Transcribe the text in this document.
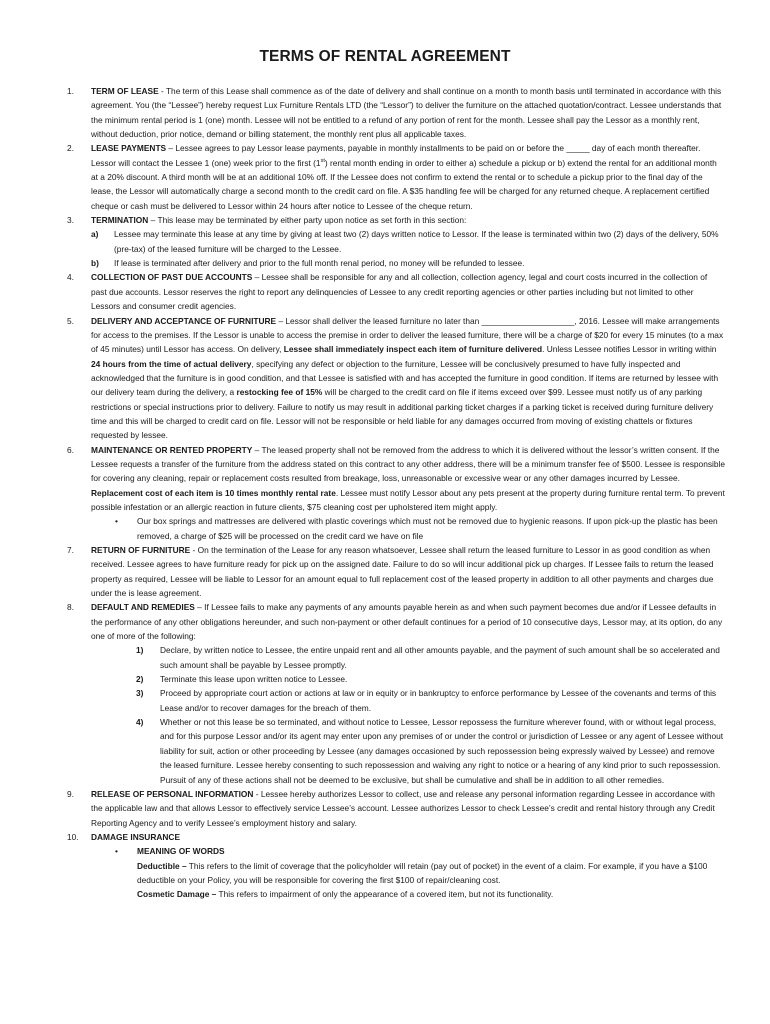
TERMS OF RENTAL AGREEMENT
1. TERM OF LEASE - The term of this Lease shall commence as of the date of delivery and shall continue on a month to month basis until terminated in accordance with this agreement. You (the “Lessee”) hereby request Lux Furniture Rentals LTD (the “Lessor”) to deliver the furniture on the attached quotation/contract. Lessee understands that the minimum rental period is 1 (one) month. Lessee will not be entitled to a refund of any portion of rent for the month. Lessee shall pay the Lessor as a monthly rent, without deduction, prior notice, demand or billing statement, the monthly rent plus all applicable taxes.
2. LEASE PAYMENTS – Lessee agrees to pay Lessor lease payments, payable in monthly installments to be paid on or before the _____ day of each month thereafter. Lessor will contact the Lessee 1 (one) week prior to the first (1st) rental month ending in order to either a) schedule a pickup or b) extend the rental for an additional month at a 20% discount. A third month will be at an additional 10% off. If the Lessee does not confirm to extend the rental or to schedule a pickup prior to the final day of the lease, the Lessor will automatically charge a second month to the credit card on file. A $35 handling fee will be charged for any returned cheque. A replacement certified cheque or cash must be delivered to Lessor within 24 hours after notice to Lessee of the cheque return.
3. TERMINATION – This lease may be terminated by either party upon notice as set forth in this section:
a) Lessee may terminate this lease at any time by giving at least two (2) days written notice to Lessor. If the lease is terminated within two (2) days of the delivery, 50% (pre-tax) of the leased furniture will be charged to the Lessee.
b) If lease is terminated after delivery and prior to the full month renal period, no money will be refunded to lessee.
4. COLLECTION OF PAST DUE ACCOUNTS – Lessee shall be responsible for any and all collection, collection agency, legal and court costs incurred in the collection of past due accounts. Lessor reserves the right to report any delinquencies of Lessee to any credit reporting agencies or other parties including but not limited to other Lessors and consumer credit agencies.
5. DELIVERY AND ACCEPTANCE OF FURNITURE – Lessor shall deliver the leased furniture no later than ____________________, 2016. Lessee will make arrangements for access to the premises. If the Lessor is unable to access the premise in order to deliver the leased furniture, there will be a charge of $20 for every 15 minutes (to a max of 45 minutes) until Lessor has access. On delivery, Lessee shall immediately inspect each item of furniture delivered. Unless Lessee notifies Lessor in writing within 24 hours from the time of actual delivery, specifying any defect or objection to the furniture, Lessee will be conclusively presumed to have fully inspected and acknowledged that the furniture is in good condition, and that Lessee is satisfied with and has accepted the furniture in good condition. If items are returned by lessee with our delivery team during the delivery, a restocking fee of 15% will be charged to the credit card on file if items exceed over $99. Lessee must notify us of any parking restrictions or special instructions prior to delivery. Failure to notify us may result in additional parking ticket charges if a parking ticket is received during furniture delivery time and this will be charged to credit card on file. Lessor will not be responsible or held liable for any damages occurred from moving of existing chattels or fixtures requested by lessee.
6. MAINTENANCE OR RENTED PROPERTY – The leased property shall not be removed from the address to which it is delivered without the lessor’s written consent. If the Lessee requests a transfer of the furniture from the address stated on this contract to any other address, there will be a minimum transfer fee of $500. Lessee is responsible for covering any cleaning, repair or replacement costs resulted from breakage, loss, unreasonable or excessive wear or any other damages incurred by Lessee. Replacement cost of each item is 10 times monthly rental rate. Lessee must notify Lessor about any pets present at the property during furniture rental term. To prevent possible infestation or an allergic reaction in future clients, $75 cleaning cost per upholstered item might apply.
• Our box springs and mattresses are delivered with plastic coverings which must not be removed due to hygienic reasons. If upon pick-up the plastic has been removed, a charge of $25 will be processed on the credit card we have on file
7. RETURN OF FURNITURE - On the termination of the Lease for any reason whatsoever, Lessee shall return the leased furniture to Lessor in as good condition as when received. Lessee agrees to have furniture ready for pick up on the assigned date. Failure to do so will incur additional pick up charges. If Lessee fails to return the leased property as required, Lessee will be liable to Lessor for an amount equal to full replacement cost of the leased property in addition to all other payments and charges due under the is lease agreement.
8. DEFAULT AND REMEDIES – If Lessee fails to make any payments of any amounts payable herein as and when such payment becomes due and/or if Lessee defaults in the performance of any other obligations hereunder, and such non-payment or other default continues for a period of 10 consecutive days, Lessor may, at its option, do any one of more of the following:
1) Declare, by written notice to Lessee, the entire unpaid rent and all other amounts payable, and the payment of such amount shall be so accelerated and such amount shall be payable by Lessee promptly.
2) Terminate this lease upon written notice to Lessee.
3) Proceed by appropriate court action or actions at law or in equity or in bankruptcy to enforce performance by Lessee of the covenants and terms of this Lease and/or to recover damages for the breach of them.
4) Whether or not this lease be so terminated, and without notice to Lessee, Lessor repossess the furniture wherever found, with or without legal process, and for this purpose Lessor and/or its agent may enter upon any premises of or under the control or jurisdiction of Lessee or any agent of Lessee without liability for suit, action or other proceeding by Lessee (any damages occasioned by such repossession being expressly waived by Lessee) and remove the leased furniture. Lessee hereby consenting to such repossession and waiving any right to notice or a hearing of any kind prior to such repossession. Pursuit of any of these actions shall not be deemed to be exclusive, but shall be cumulative and shall be in addition to all other remedies.
9. RELEASE OF PERSONAL INFORMATION - Lessee hereby authorizes Lessor to collect, use and release any personal information regarding Lessee in accordance with the applicable law and that allows Lessor to effectively service Lessee’s account. Lessee authorizes Lessor to check Lessee’s credit and rental history through any Credit Reporting Agency and to verify Lessee’s employment history and salary.
10. DAMAGE INSURANCE
• MEANING OF WORDS
Deductible – This refers to the limit of coverage that the policyholder will retain (pay out of pocket) in the event of a claim. For example, if you have a $100 deductible on your Policy, you will be responsible for covering the first $100 of repair/cleaning cost.
Cosmetic Damage – This refers to impairment of only the appearance of a covered item, but not its functionality.
